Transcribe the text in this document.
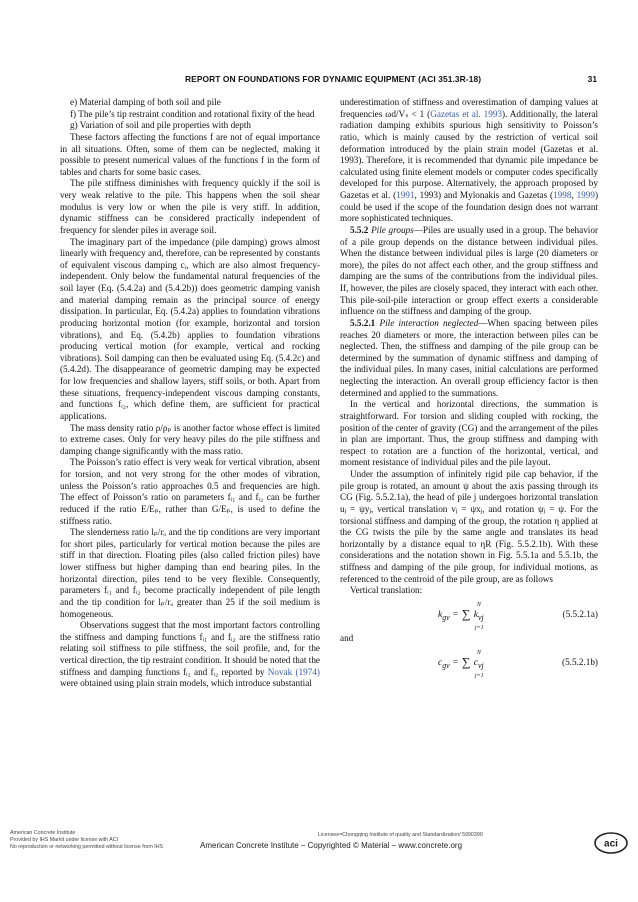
REPORT ON FOUNDATIONS FOR DYNAMIC EQUIPMENT (ACI 351.3R-18)	31

e) Material damping of both soil and pile

f) The pile’s tip restraint condition and rotational fixity of the head

g) Variation of soil and pile properties with depth

These factors affecting the functions f are not of equal importance in all situations. Often, some of them can be neglected, making it possible to present numerical values of the functions f in the form of tables and charts for some basic cases.

The pile stiffness diminishes with frequency quickly if the soil is very weak relative to the pile. This happens when the soil shear modulus is very low or when the pile is very stiff. In addition, dynamic stiffness can be considered practically independent of frequency for slender piles in average soil.

The imaginary part of the impedance (pile damping) grows almost linearly with frequency and, therefore, can be represented by constants of equivalent viscous damping cᵢ, which are also almost frequency-independent. Only below the fundamental natural frequencies of the soil layer (Eq. (5.4.2a) and (5.4.2b)) does geometric damping vanish and material damping remain as the principal source of energy dissipation. In particular, Eq. (5.4.2a) applies to foundation vibrations producing horizontal motion (for example, horizontal and torsion vibrations), and Eq. (5.4.2b) applies to foundation vibrations producing vertical motion (for example, vertical and rocking vibrations). Soil damping can then be evaluated using Eq. (5.4.2c) and (5.4.2d). The disappearance of geometric damping may be expected for low frequencies and shallow layers, stiff soils, or both. Apart from these situations, frequency-independent viscous damping constants, and functions fᵢ₂, which define them, are sufficient for practical applications.

The mass density ratio ρ/ρₚ is another factor whose effect is limited to extreme cases. Only for very heavy piles do the pile stiffness and damping change significantly with the mass ratio.

The Poisson’s ratio effect is very weak for vertical vibration, absent for torsion, and not very strong for the other modes of vibration, unless the Poisson’s ratio approaches 0.5 and frequencies are high. The effect of Poisson’s ratio on parameters fᵢ₁ and fᵢ₂ can be further reduced if the ratio E/Eₚ, rather than G/Eₚ, is used to define the stiffness ratio.

The slenderness ratio lₚ/rₒ and the tip conditions are very important for short piles, particularly for vertical motion because the piles are stiff in that direction. Floating piles (also called friction piles) have lower stiffness but higher damping than end bearing piles. In the horizontal direction, piles tend to be very flexible. Consequently, parameters fᵢ₁ and fᵢ₂ become practically independent of pile length and the tip condition for lₚ/rₒ greater than 25 if the soil medium is homogeneous.

Observations suggest that the most important factors controlling the stiffness and damping functions fᵢ₁ and fᵢ₂ are the stiffness ratio relating soil stiffness to pile stiffness, the soil profile, and, for the vertical direction, the tip restraint condition. It should be noted that the stiffness and damping functions fᵢ₁ and fᵢ₂ reported by Novak (1974) were obtained using plain strain models, which introduce substantial

underestimation of stiffness and overestimation of damping values at frequencies ωd/Vₛ < 1 (Gazetas et al. 1993). Additionally, the lateral radiation damping exhibits spurious high sensitivity to Poisson’s ratio, which is mainly caused by the restriction of vertical soil deformation introduced by the plain strain model (Gazetas et al. 1993). Therefore, it is recommended that dynamic pile impedance be calculated using finite element models or computer codes specifically developed for this purpose. Alternatively, the approach proposed by Gazetas et al. (1991, 1993) and Mylonakis and Gazetas (1998, 1999) could be used if the scope of the foundation design does not warrant more sophisticated techniques.

5.5.2 Pile groups—Piles are usually used in a group. The behavior of a pile group depends on the distance between individual piles. When the distance between individual piles is large (20 diameters or more), the piles do not affect each other, and the group stiffness and damping are the sums of the contributions from the individual piles. If, however, the piles are closely spaced, they interact with each other. This pile-soil-pile interaction or group effect exerts a considerable influence on the stiffness and damping of the group.

5.5.2.1 Pile interaction neglected—When spacing between piles reaches 20 diameters or more, the interaction between piles can be neglected. Then, the stiffness and damping of the pile group can be determined by the summation of dynamic stiffness and damping of the individual piles. In many cases, initial calculations are performed neglecting the interaction. An overall group efficiency factor is then determined and applied to the summations.

In the vertical and horizontal directions, the summation is straightforward. For torsion and sliding coupled with rocking, the position of the center of gravity (CG) and the arrangement of the piles in plan are important. Thus, the group stiffness and damping with respect to rotation are a function of the horizontal, vertical, and moment resistance of individual piles and the pile layout.

Under the assumption of infinitely rigid pile cap behavior, if the pile group is rotated, an amount ψ about the axis passing through its CG (Fig. 5.5.2.1a), the head of pile j undergoes horizontal translation uⱼ = ψyⱼ, vertical translation vⱼ = ψxⱼ, and rotation ψⱼ = ψ. For the torsional stiffness and damping of the group, the rotation η applied at the CG twists the pile by the same angle and translates its head horizontally by a distance equal to ηR (Fig. 5.5.2.1b). With these considerations and the notation shown in Fig. 5.5.1a and 5.5.1b, the stiffness and damping of the pile group, for individual motions, as referenced to the centroid of the pile group, are as follows

Vertical translation:

$k_{gv}$ =
N
∑
j=1
$k_{vj}$	(5.5.2.1a)

and

$c_{gv}$ =
N
∑
j=1
$c_{vj}$	(5.5.2.1b)
American Concrete Institute
Provided by IHS Markit under license with ACI
No reproduction or networking permitted without license from IHS
Licensee=Chongqing Institute of quality and Standardization/ 5990390
American Concrete Institute – Copyrighted © Material – www.concrete.org	aci
